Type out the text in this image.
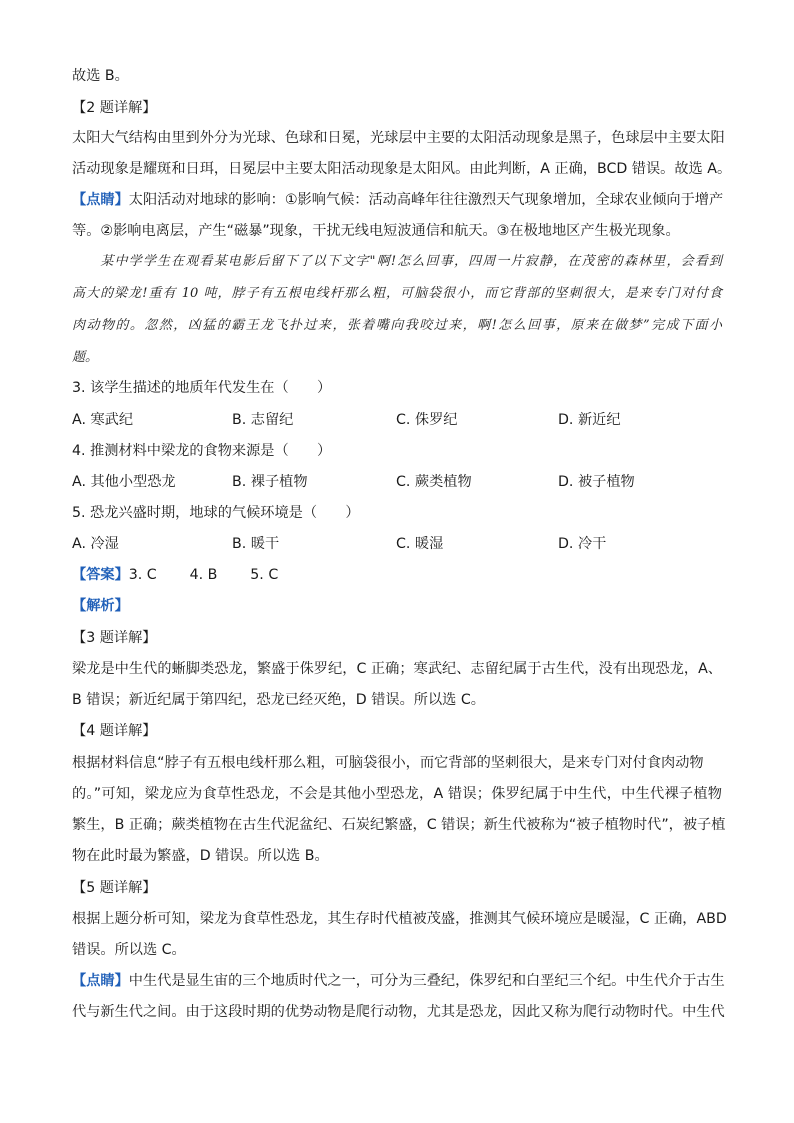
故选 B。
【2 题详解】
太阳大气结构由里到外分为光球、色球和日冕，光球层中主要的太阳活动现象是黑子，色球层中主要太阳
活动现象是耀斑和日珥，日冕层中主要太阳活动现象是太阳风。由此判断，A 正确，BCD 错误。故选 A。
【点睛】太阳活动对地球的影响：①影响气候：活动高峰年往往激烈天气现象增加，全球农业倾向于增产
等。②影响电离层，产生“磁暴”现象，干扰无线电短波通信和航天。③在极地地区产生极光现象。
　　某中学学生在观看某电影后留下了以下文字"啊!怎么回事，四周一片寂静，在茂密的森林里，会看到
高大的梁龙!重有 10 吨，脖子有五根电线杆那么粗，可脑袋很小，而它背部的坚刺很大，是来专门对付食
肉动物的。忽然，凶猛的霸王龙飞扑过来，张着嘴向我咬过来，啊!怎么回事，原来在做梦”完成下面小
题。
3. 该学生描述的地质年代发生在（　　）
A. 寒武纪	B. 志留纪	C. 侏罗纪	D. 新近纪
4. 推测材料中梁龙的食物来源是（　　）
A. 其他小型恐龙	B. 裸子植物	C. 蕨类植物	D. 被子植物
5. 恐龙兴盛时期，地球的气候环境是（　　）
A. 冷湿	B. 暖干	C. 暖湿	D. 冷干
【答案】3. C　　 4. B　　 5. C
【解析】
【3 题详解】
梁龙是中生代的蜥脚类恐龙，繁盛于侏罗纪，C 正确；寒武纪、志留纪属于古生代，没有出现恐龙，A、
B 错误；新近纪属于第四纪，恐龙已经灭绝，D 错误。所以选 C。
【4 题详解】
根据材料信息“脖子有五根电线杆那么粗，可脑袋很小，而它背部的坚刺很大，是来专门对付食肉动物
的。”可知，梁龙应为食草性恐龙，不会是其他小型恐龙，A 错误；侏罗纪属于中生代，中生代裸子植物
繁生，B 正确；蕨类植物在古生代泥盆纪、石炭纪繁盛，C 错误；新生代被称为“被子植物时代”，被子植
物在此时最为繁盛，D 错误。所以选 B。
【5 题详解】
根据上题分析可知，梁龙为食草性恐龙，其生存时代植被茂盛，推测其气候环境应是暖湿，C 正确，ABD
错误。所以选 C。
【点睛】中生代是显生宙的三个地质时代之一，可分为三叠纪，侏罗纪和白垩纪三个纪。中生代介于古生
代与新生代之间。由于这段时期的优势动物是爬行动物，尤其是恐龙，因此又称为爬行动物时代。中生代
